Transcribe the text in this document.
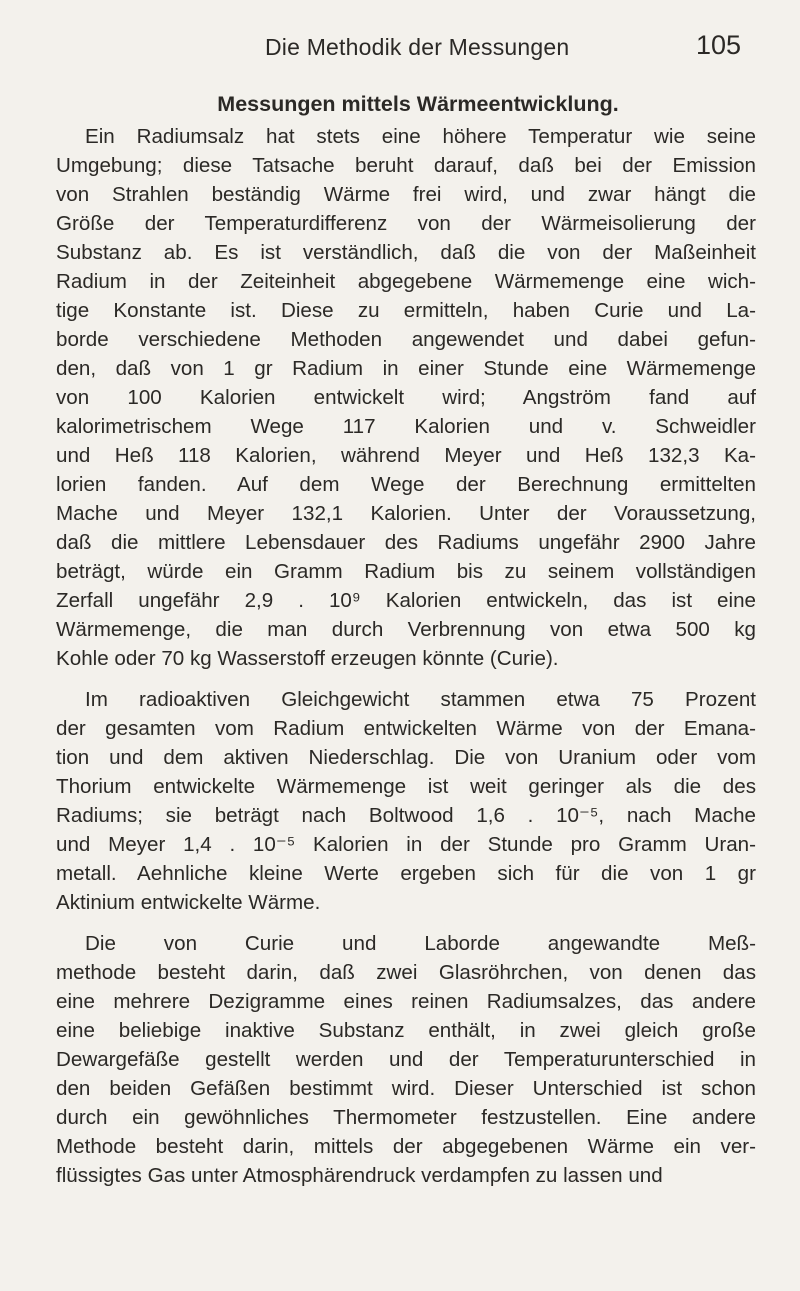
Die Methodik der Messungen	105
Messungen mittels Wärmeentwicklung.

Ein Radiumsalz hat stets eine höhere Temperatur wie seine
Umgebung; diese Tatsache beruht darauf, daß bei der Emission
von Strahlen beständig Wärme frei wird, und zwar hängt die
Größe der Temperaturdifferenz von der Wärmeisolierung der
Substanz ab. Es ist verständlich, daß die von der Maßeinheit
Radium in der Zeiteinheit abgegebene Wärmemenge eine wich-
tige Konstante ist. Diese zu ermitteln, haben Curie und La-
borde verschiedene Methoden angewendet und dabei gefun-
den, daß von 1 gr Radium in einer Stunde eine Wärmemenge
von 100 Kalorien entwickelt wird; Angström fand auf
kalorimetrischem Wege 117 Kalorien und v. Schweidler
und Heß 118 Kalorien, während Meyer und Heß 132,3 Ka-
lorien fanden. Auf dem Wege der Berechnung ermittelten
Mache und Meyer 132,1 Kalorien. Unter der Voraussetzung,
daß die mittlere Lebensdauer des Radiums ungefähr 2900 Jahre
beträgt, würde ein Gramm Radium bis zu seinem vollständigen
Zerfall ungefähr 2,9 . 10⁹ Kalorien entwickeln, das ist eine
Wärmemenge, die man durch Verbrennung von etwa 500 kg
Kohle oder 70 kg Wasserstoff erzeugen könnte (Curie).

Im radioaktiven Gleichgewicht stammen etwa 75 Prozent
der gesamten vom Radium entwickelten Wärme von der Emana-
tion und dem aktiven Niederschlag. Die von Uranium oder vom
Thorium entwickelte Wärmemenge ist weit geringer als die des
Radiums; sie beträgt nach Boltwood 1,6 . 10⁻⁵, nach Mache
und Meyer 1,4 . 10⁻⁵ Kalorien in der Stunde pro Gramm Uran-
metall. Aehnliche kleine Werte ergeben sich für die von 1 gr
Aktinium entwickelte Wärme.

Die von Curie und Laborde angewandte Meß-
methode besteht darin, daß zwei Glasröhrchen, von denen das
eine mehrere Dezigramme eines reinen Radiumsalzes, das andere
eine beliebige inaktive Substanz enthält, in zwei gleich große
Dewargefäße gestellt werden und der Temperaturunterschied in
den beiden Gefäßen bestimmt wird. Dieser Unterschied ist schon
durch ein gewöhnliches Thermometer festzustellen. Eine andere
Methode besteht darin, mittels der abgegebenen Wärme ein ver-
flüssigtes Gas unter Atmosphärendruck verdampfen zu lassen und
